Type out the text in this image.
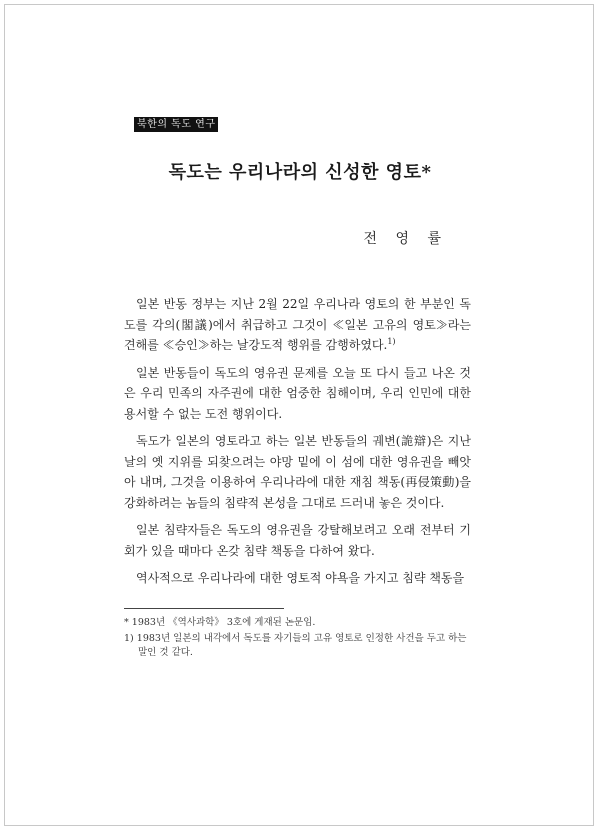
북한의 독도 연구
독도는 우리나라의 신성한 영토*
전 영 률

일본 반동 정부는 지난 2월 22일 우리나라 영토의 한 부분인 독도를 각의(閣議)에서 취급하고 그것이 ≪일본 고유의 영토≫라는 견해를 ≪승인≫하는 날강도적 행위를 감행하였다.$^{1)}$

일본 반동들이 독도의 영유권 문제를 오늘 또 다시 들고 나온 것은 우리 민족의 자주권에 대한 엄중한 침해이며, 우리 인민에 대한 용서할 수 없는 도전 행위이다.

독도가 일본의 영토라고 하는 일본 반동들의 궤변(詭辯)은 지난날의 옛 지위를 되찾으려는 야망 밑에 이 섬에 대한 영유권을 빼앗아 내며, 그것을 이용하여 우리나라에 대한 재침 책동(再侵策動)을 강화하려는 놈들의 침략적 본성을 그대로 드러내 놓은 것이다.

일본 침략자들은 독도의 영유권을 강탈해보려고 오래 전부터 기회가 있을 때마다 온갖 침략 책동을 다하여 왔다.

역사적으로 우리나라에 대한 영토적 야욕을 가지고 침략 책동을

* 1983년 《역사과학》 3호에 게재된 논문임.

1) 1983년 일본의 내각에서 독도를 자기들의 고유 영토로 인정한 사건을 두고 하는 말인 것 같다.
